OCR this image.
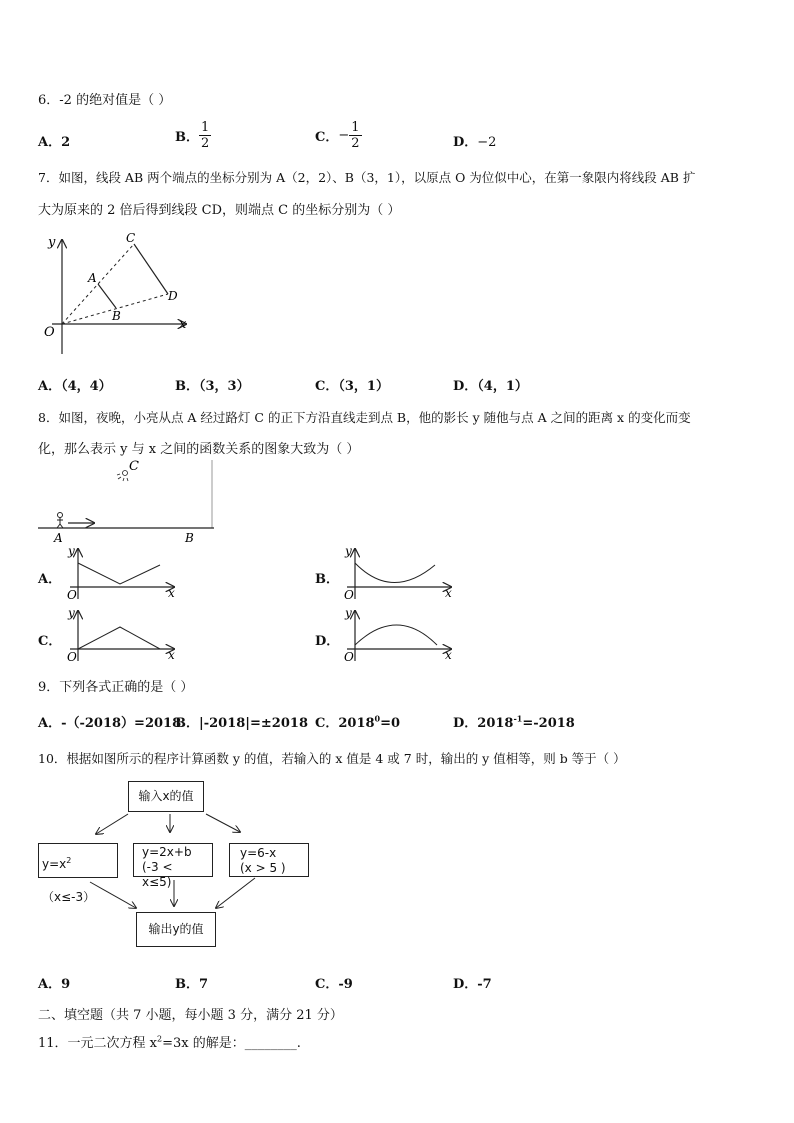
6．-2 的绝对值是（ ）
A．2	B． $\frac{1}{2}$	C．− $\frac{1}{2}$	D．−2
7．如图，线段 AB 两个端点的坐标分别为 A（2，2）、B（3，1），以原点 O 为位似中心，在第一象限内将线段 AB 扩
大为原来的 2 倍后得到线段 CD，则端点 C 的坐标分别为（ ）
y
x
O
A
B
C
D
A．（4，4）	B．（3，3）	C．（3，1）	D．（4，1）
8．如图，夜晚，小亮从点 A 经过路灯 C 的正下方沿直线走到点 B，他的影长 y 随他与点 A 之间的距离 x 的变化而变
化，那么表示 y 与 x 之间的函数关系的图象大致为（ ）
C
A	B
A．
y
x
O
B．
y
x
O
C．
y
x
O
D．
y
x
O
9．下列各式正确的是（ ）
A．-（-2018）=2018
B．|-2018|=±2018 C．$2018^0=0$	D．$2018^{-1}=-2018$
10．根据如图所示的程序计算函数 y 的值，若输入的 x 值是 4 或 7 时，输出的 y 值相等，则 b 等于（ ）
输入x的值
$y=x^2(x\le-3)$
y=2x+b
(-3 < x≤5)
y=6-x
(x > 5 )
输出y的值
A．9	B．7	C．-9	D．-7
二、填空题（共 7 小题，每小题 3 分，满分 21 分）
11．一元二次方程 $x^2=3x$ 的解是：________.
